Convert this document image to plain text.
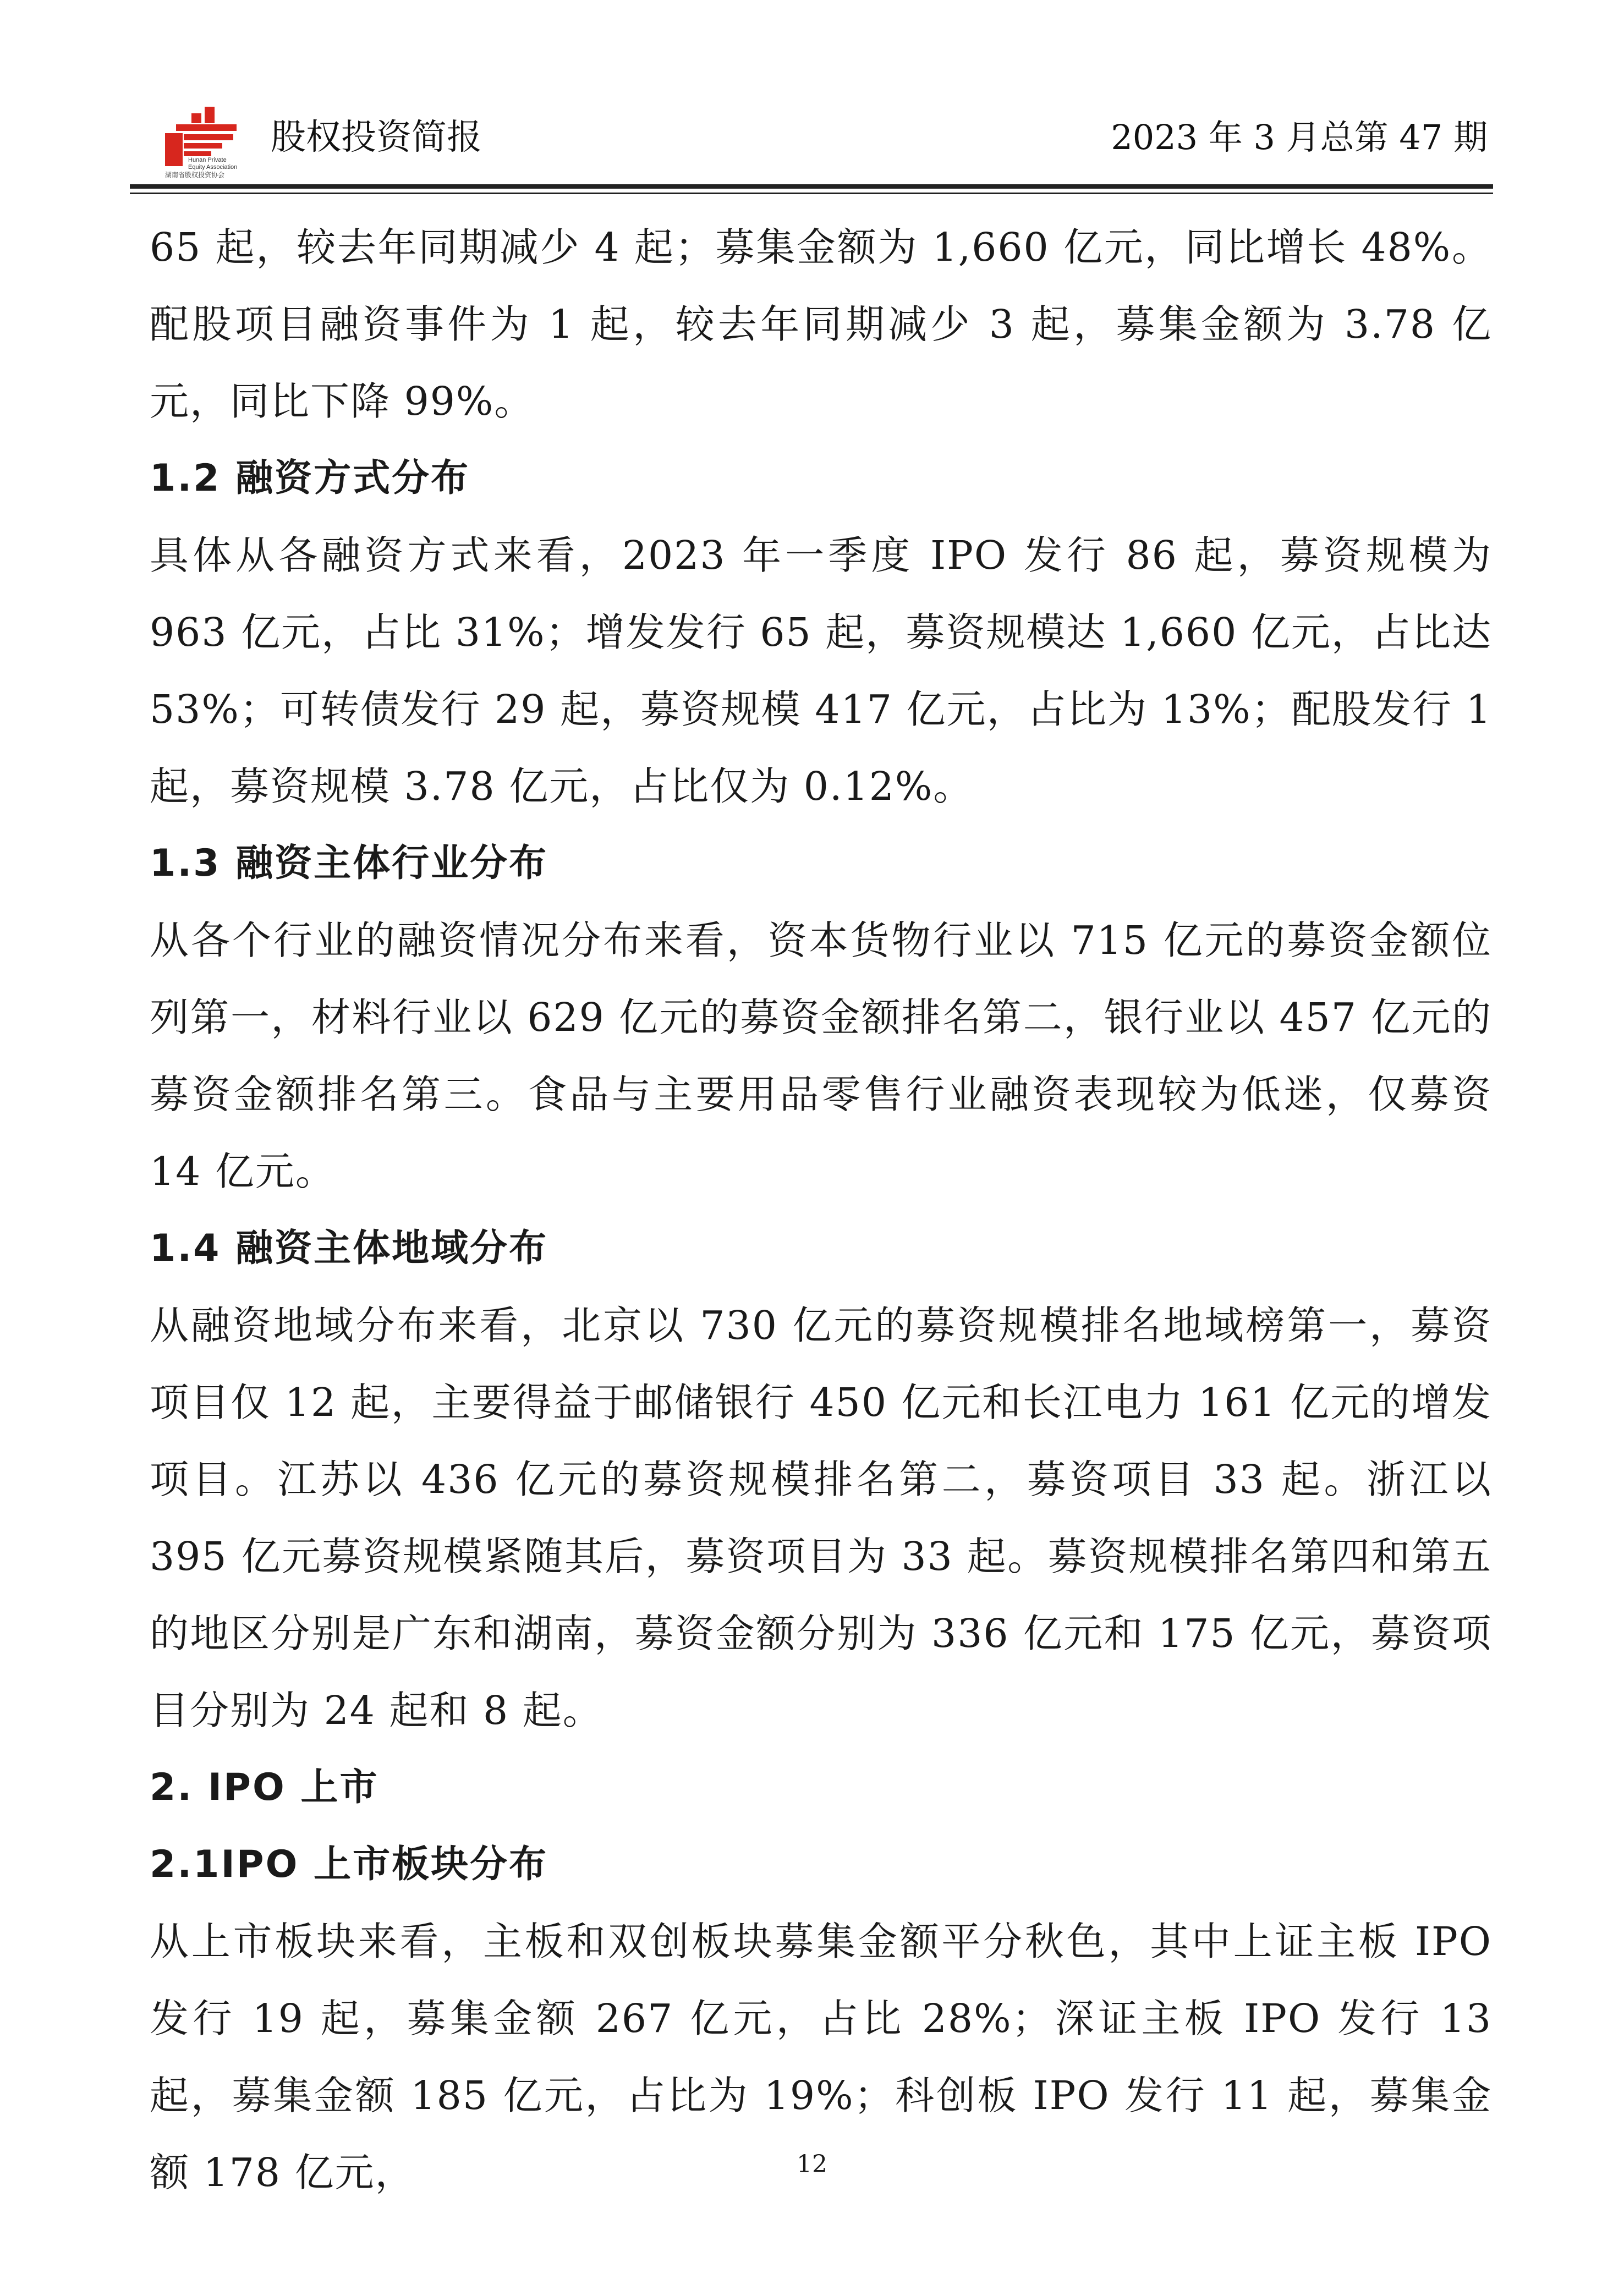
Hunan Private
Equity Association
湖南省股权投资协会
股权投资简报	2023 年 3 月总第 47 期

65 起，较去年同期减少 4 起；募集金额为 1,660 亿元，同比增长 48%。配股项目融资事件为 1 起，较去年同期减少 3 起，募集金额为 3.78 亿元，同比下降 99%。

1.2 融资方式分布

具体从各融资方式来看，2023 年一季度 IPO 发行 86 起，募资规模为 963 亿元，占比 31%；增发发行 65 起，募资规模达 1,660 亿元，占比达 53%；可转债发行 29 起，募资规模 417 亿元，占比为 13%；配股发行 1 起，募资规模 3.78 亿元，占比仅为 0.12%。

1.3 融资主体行业分布

从各个行业的融资情况分布来看，资本货物行业以 715 亿元的募资金额位列第一，材料行业以 629 亿元的募资金额排名第二，银行业以 457 亿元的募资金额排名第三。食品与主要用品零售行业融资表现较为低迷，仅募资 14 亿元。

1.4 融资主体地域分布

从融资地域分布来看，北京以 730 亿元的募资规模排名地域榜第一，募资项目仅 12 起，主要得益于邮储银行 450 亿元和长江电力 161 亿元的增发项目。江苏以 436 亿元的募资规模排名第二，募资项目 33 起。浙江以 395 亿元募资规模紧随其后，募资项目为 33 起。募资规模排名第四和第五的地区分别是广东和湖南，募资金额分别为 336 亿元和 175 亿元，募资项目分别为 24 起和 8 起。

2. IPO 上市
2.1IPO 上市板块分布

从上市板块来看，主板和双创板块募集金额平分秋色，其中上证主板 IPO 发行 19 起，募集金额 267 亿元，占比 28%；深证主板 IPO 发行 13 起，募集金额 185 亿元，占比为 19%；科创板 IPO 发行 11 起，募集金额 178 亿元，	12
